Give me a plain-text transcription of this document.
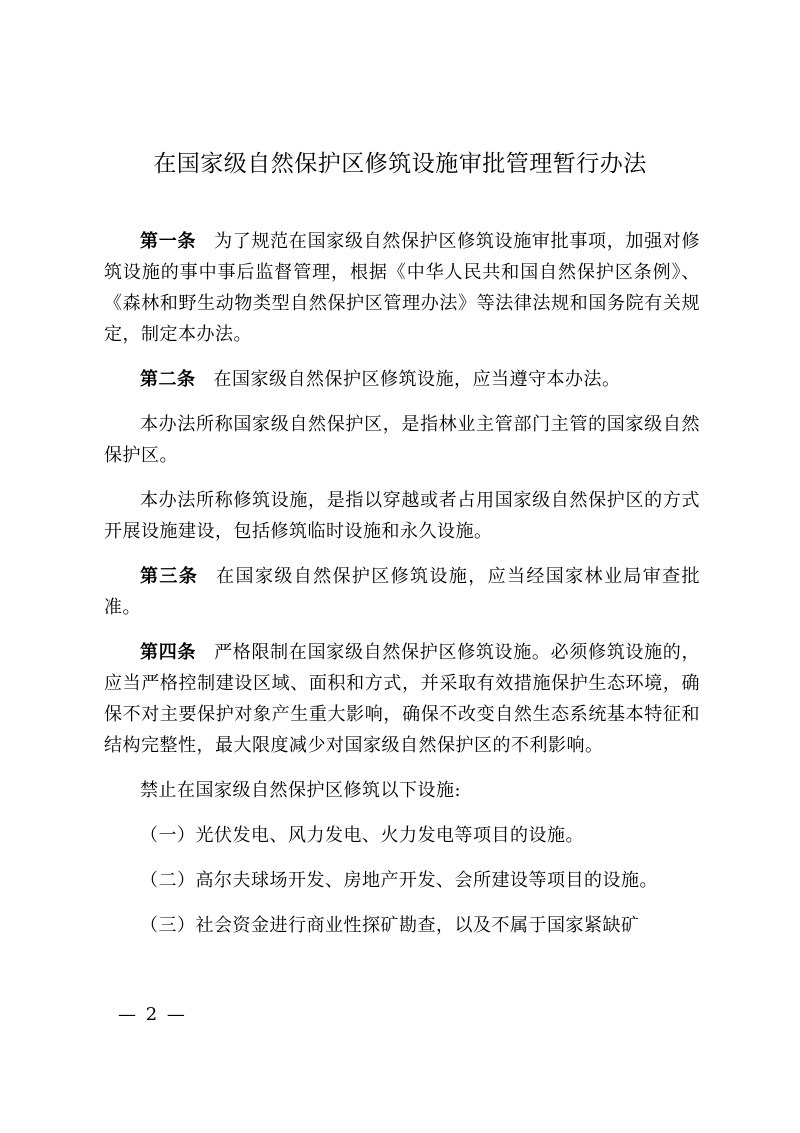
在国家级自然保护区修筑设施审批管理暂行办法

第一条 为了规范在国家级自然保护区修筑设施审批事项，加强对修筑设施的事中事后监督管理，根据《中华人民共和国自然保护区条例》、《森林和野生动物类型自然保护区管理办法》等法律法规和国务院有关规定，制定本办法。

第二条 在国家级自然保护区修筑设施，应当遵守本办法。

本办法所称国家级自然保护区，是指林业主管部门主管的国家级自然保护区。

本办法所称修筑设施，是指以穿越或者占用国家级自然保护区的方式开展设施建设，包括修筑临时设施和永久设施。

第三条 在国家级自然保护区修筑设施，应当经国家林业局审查批准。

第四条 严格限制在国家级自然保护区修筑设施。必须修筑设施的，应当严格控制建设区域、面积和方式，并采取有效措施保护生态环境，确保不对主要保护对象产生重大影响，确保不改变自然生态系统基本特征和结构完整性，最大限度减少对国家级自然保护区的不利影响。

禁止在国家级自然保护区修筑以下设施:

（一）光伏发电、风力发电、火力发电等项目的设施。

（二）高尔夫球场开发、房地产开发、会所建设等项目的设施。

（三）社会资金进行商业性探矿勘查，以及不属于国家紧缺矿

— 2 —
